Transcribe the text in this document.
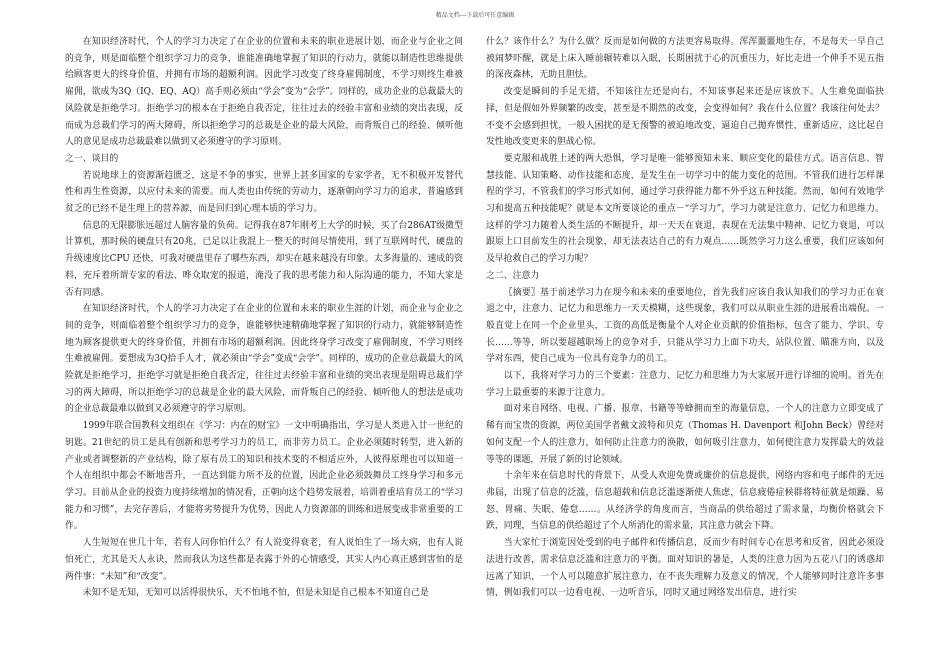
精品文档---下载后可任意编辑

在知识经济时代，个人的学习力决定了在企业的位置和未来的职业进展计划，而企业与企业之间的竞争，则是面临整个组织学习力的竞争，谁能准确地掌握了知识的行动力，就能以制造性思维提供给顾客更大的终身价值，并拥有市场的超额利润。因此学习改变了终身雇佣制度，不学习则终生难被雇佣，欲成为3Q（IQ、EQ、AQ）高手则必须由“学会”变为“会学”。同样的，成功企业的总裁最大的风险就是拒绝学习。拒绝学习的根本在于拒绝自我否定，往往过去的经验丰富和业绩的突出表现，反而成为总裁们学习的两大障碍，所以拒绝学习的总裁是企业的最大风险，而背叛自己的经验、倾听他人的意见是成功总裁最难以做到又必须遵守的学习原则。

之一、谈目的

若说地球上的资源渐趋匮乏，这是不争的事实，世界上甚多国家的专家学者，无不积极开发替代性和再生性资源，以应付未来的需要。而人类也由传统的劳动力，逐渐朝向学习力的追求，普遍感到贫乏的已经不是生理上的营养源，而是回归到心理本质的学习力。

信息的无限膨胀远超过人脑容量的负荷。记得我在87年刚考上大学的时候，买了台286AT级微型计算机，那时候的硬盘只有20兆，已足以让我混上一整天的时间尽情使用，到了互联网时代，硬盘的升级速度比CPU 还快，可我对硬盘里存了哪些东西，却实在越来越没有印象。太多海量的、速成的资料，充斥着所谓专家的看法、哗众取宠的报道，淹没了我的思考能力和人际沟通的能力，不知大家是否有同感。

在知识经济时代，个人的学习力决定了在企业的位置和未来的职业生涯的计划，而企业与企业之间的竞争，则面临着整个组织学习力的竞争，谁能够快速精确地掌握了知识的行动力，就能够制造性地为顾客提供更大的终身价值，并拥有市场的超额利润。因此终身学习改变了雇佣制度，不学习则终生难被雇佣。要想成为3Q拾手人才，就必须由“学会”变成“会学”。同样的，成功的企业总裁最大的风险就是拒绝学习，拒绝学习就是拒绝自我否定，往往过去经验丰富和业绩的突出表现是阻碍总裁们学习的两大障碍，所以拒绝学习的总裁是企业的最大风险，而背叛自己的经验、倾听他人的想法是成功的企业总裁最难以做到又必须遵守的学习原则。

1999年联合国教科文组织在《学习：内在的财宝》一文中明确指出，学习是人类进入廿一世纪的钥匙。21世纪的员工是具有创新和思考学习力的员工，而非劳力员工。企业必须随时转型，进入新的产业或者调整新的产业结构，除了原有员工的知识和技术变的不相适应外，人彼得原理也可以知道一个人在组织中都会不断地晋升，一直达到能力所不及的位置，因此企业必须鼓舞员工终身学习和多元学习。目前从企业的投资力度持续增加的情况看，正朝向这个趋势发展着，培训着重培育员工的“学习能力和习惯”，去完存善后，才能将劣势提升为优势，因此人力资源部的训练和进展变成非常重要的工作。

人生短短在世几十年，若有人问你怕什么？有人说变得衰老，有人说怕生了一场大病，也有人说怕死亡，尤其是天人永诀，然而我认为这些都是表露于外的心情感受，其实人内心真正感到害怕的是两件事：“未知”和“改变”。

未知不是无知，无知可以活得很快乐，天不怕地不怕，但是未知是自己根本不知道自己是

什么？该作什么？为什么做？反而是如何做的方法更容易取得。浑浑噩噩地生存，不是每天一早自己被闹梦吓醒，就是上床入睡前辗转难以入眠，长期困扰于心的沉重压力，好比走进一个伸手不见五指的深夜森林，无助且胆怯。

改变是瞬间的手足无措，不知该往左还是向右，不知该事起来还是应该放下。人生难免面临抉择，但是假如外界频繁的改变，甚至是不期然的改变，会变得如何？我在什么位置？我该往何处去？不变不会感到担忧，一般人困扰的是无预警的被迫地改变，逼迫自己抛弃惯性，重新适应，这比起自发性地改变更来的胆战心惊。

要克服和战胜上述的两大恐惧，学习是唯一能够预知未来、顺应变化的最佳方式。语言信息、智慧技能、认知策略、动作技能和态度，是发生在一切学习中的能力变化的范围。不管我们进行怎样课程的学习，不管我们的学习形式如何，通过学习获得能力都不外乎这五种技能。然而，如何有效地学习和提高五种技能呢？就是本文所要谈论的重点－“学习力”，学习力就是注意力、记忆力和思维力。这样的学习力随着人类生活的不断提升，却一天天在衰退，表现在无法集中精神、记忆力衰退，可以跟原上口目前发生的社会现象，却无法表达自己的有力观点……既然学习力这么重要，我们应该如何及早抢救自己的学习力呢？

之二、注意力

〖摘要〗基于前述学习力在现今和未来的重要地位，首先我们应该自我认知我们的学习力正在衰退之中，注意力、记忆力和思维力一天天模糊，这些现象，我们可以从职业生涯的进展看出端倪。一般直觉上在同一个企业里头，工资的高低是衡量个人对企业贡献的价值指标，包含了能力、学识、专长……等等，所以要超越职场上的竞争对手，只能从学习力上面下功夫，站队位置、瞄准方向，以及学对东西，使自己成为一位具有竞争力的员工。

以下，我将对学习力的三个要素：注意力、记忆力和思维力为大家展开进行详细的说明。首先在学习上最重要的来源于注意力。

面对来自网络、电视、广播、报章、书籍等等蜂拥而至的海量信息，一个人的注意力立即变成了稀有而宝贵的资源，两位美国学者戴文波特和贝克（Thomas H. Davenport 和John Beck）曾经对如何支配一个人的注意力，如何防止注意力的涣散，如何吸引注意力，如何使注意力发挥最大的效益等等的课题，开展了新的讨论领域。

十余年来在信息时代的背景下，从受人欢迎免费或廉价的信息提供，网络内容和电子邮件的无远弗届，出现了信息的泛滥，信息超载和信息泛滥逐渐使人焦虑，信息疲倦症候群将特征就是烦躁、易怒、胃痛、失眠、倦怠……。从经济学的角度而言，当商品的供给超过了需求量，均衡价格就会下跌，同理，当信息的供给超过了个人所消化的需求量，其注意力就会下降。

当大家忙于浏览因处受到的电子邮件和传播信息，反而少有时间专心在思考和反省，因此必须设法进行改善，需求信息泛滥和注意力的平衡。面对知识的暑是，人类的注意力因为五花八门的诱惑却远离了知识，一个人可以随意扩展注意力，在不丧失理解力及意义的情况，个人能够同时注意许多事情，例如我们可以一边看电视、一边听音乐，同时又通过网络发出信息，进行实
